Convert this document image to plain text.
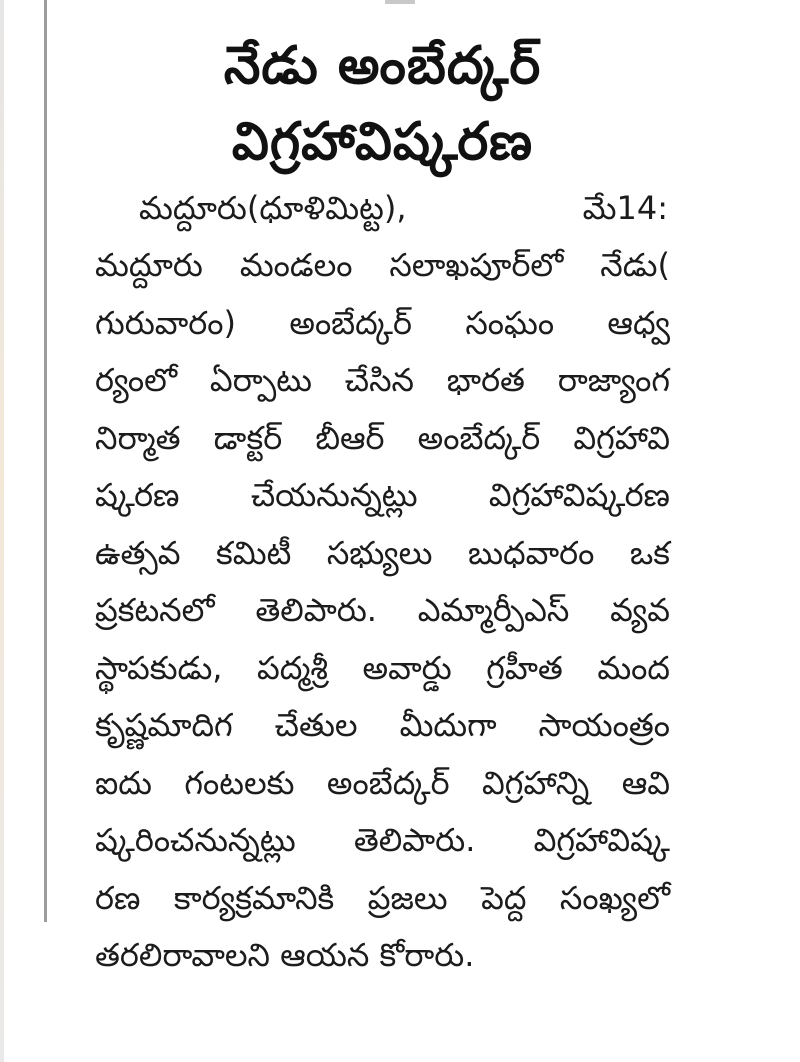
నేడు అంబేద్కర్
విగ్రహావిష్కరణ
మద్దూరు(ధూళిమిట్ట),	మే14:
మద్దూరు మండలం సలాఖపూర్‌లో నేడు(
గురువారం) అంబేద్కర్ సంఘం ఆధ్వ
ర్యంలో ఏర్పాటు చేసిన భారత రాజ్యాంగ
నిర్మాత డాక్టర్ బీఆర్ అంబేద్కర్ విగ్రహావి
ష్కరణ చేయనున్నట్లు విగ్రహావిష్కరణ
ఉత్సవ కమిటీ సభ్యులు బుధవారం ఒక
ప్రకటనలో తెలిపారు. ఎమ్మార్పీఎస్ వ్యవ
స్థాపకుడు, పద్మశ్రీ అవార్డు గ్రహీత మంద
కృష్ణమాదిగ చేతుల మీదుగా సాయంత్రం
ఐదు గంటలకు అంబేద్కర్ విగ్రహాన్ని ఆవి
ష్కరించనున్నట్లు తెలిపారు. విగ్రహావిష్క
రణ కార్యక్రమానికి ప్రజలు పెద్ద సంఖ్యలో
తరలిరావాలని ఆయన కోరారు.
